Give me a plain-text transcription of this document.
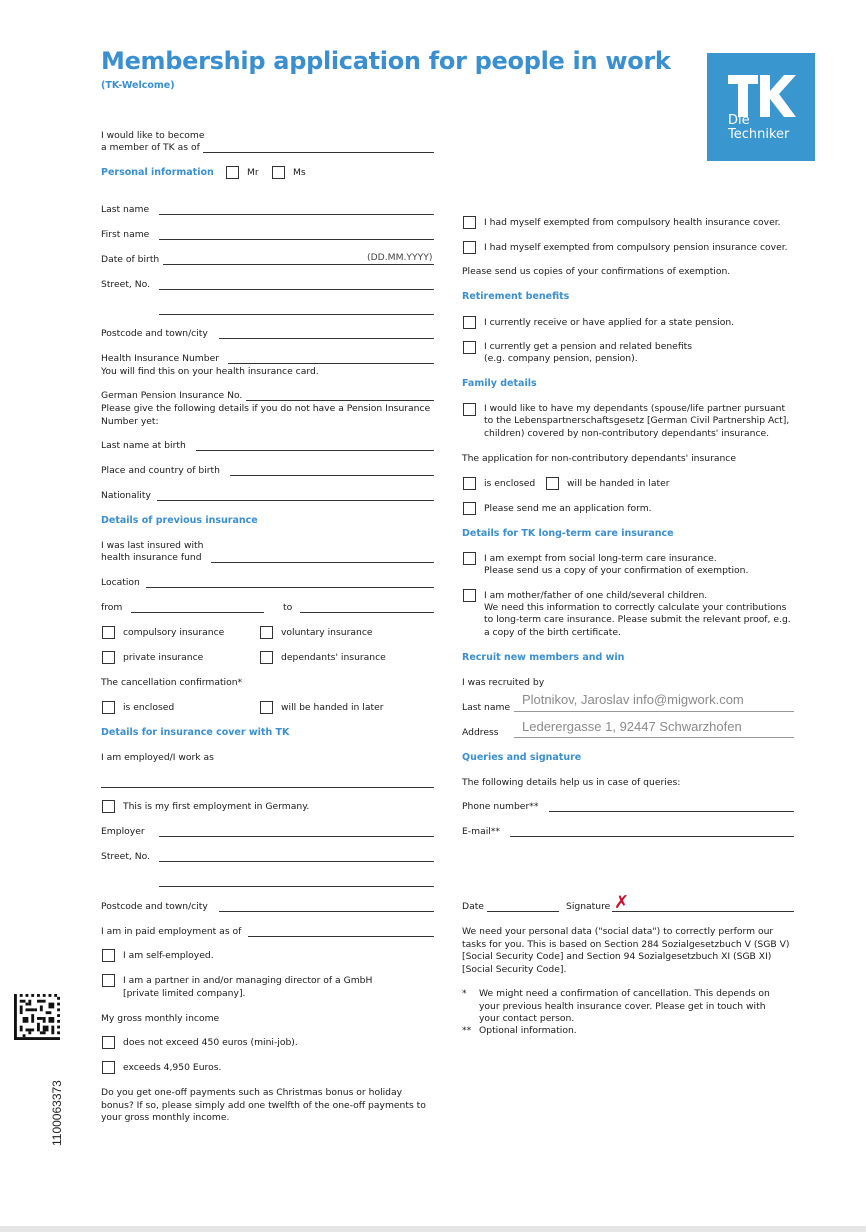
Membership application for people in work
(TK-Welcome)
Die
Techniker
I would like to become
a member of TK as of
Personal information	Mr	Ms
Last name
First name
Date of birth	(DD.MM.YYYY)
Street, No.
Postcode and town/city
Health Insurance Number
You will find this on your health insurance card.
German Pension Insurance No.
Please give the following details if you do not have a Pension Insurance Number yet:
Last name at birth
Place and country of birth
Nationality
Details of previous insurance
I was last insured with
health insurance fund
Location
from	to
compulsory insurance	voluntary insurance
private insurance	dependants' insurance
The cancellation confirmation*
is enclosed	will be handed in later
Details for insurance cover with TK
I am employed/I work as
This is my first employment in Germany.
Employer
Street, No.
Postcode and town/city
I am in paid employment as of
I am self-employed.
I am a partner in and/or managing director of a GmbH
[private limited company].
My gross monthly income
does not exceed 450 euros (mini-job).
exceeds 4,950 Euros.
Do you get one-off payments such as Christmas bonus or holiday bonus? If so, please simply add one twelfth of the one-off payments to your gross monthly income.
I had myself exempted from compulsory health insurance cover.
I had myself exempted from compulsory pension insurance cover.
Please send us copies of your confirmations of exemption.
Retirement benefits
I currently receive or have applied for a state pension.
I currently get a pension and related benefits
(e.g. company pension, pension).
Family details
I would like to have my dependants (spouse/life partner pursuant
to the Lebenspartnerschaftsgesetz [German Civil Partnership Act],
children) covered by non-contributory dependants' insurance.
The application for non-contributory dependants' insurance
is enclosed	will be handed in later
Please send me an application form.
Details for TK long-term care insurance
I am exempt from social long-term care insurance.
Please send us a copy of your confirmation of exemption.
I am mother/father of one child/several children.
We need this information to correctly calculate your contributions
to long-term care insurance. Please submit the relevant proof, e.g.
a copy of the birth certificate.
Recruit new members and win
I was recruited by
Last name
Plotnikov, Jaroslav info@migwork.com
Address Lederergasse 1, 92447 Schwarzhofen
Queries and signature
The following details help us in case of queries:
Phone number**
E-mail**
Date	Signature ✗
We need your personal data ("social data") to correctly perform our tasks for you. This is based on Section 284 Sozialgesetzbuch V (SGB V) [Social Security Code] and Section 94 Sozialgesetzbuch XI (SGB XI) [Social Security Code].
* We might need a confirmation of cancellation. This depends on your previous health insurance cover. Please get in touch with your contact person.
** Optional information.
1100063373
